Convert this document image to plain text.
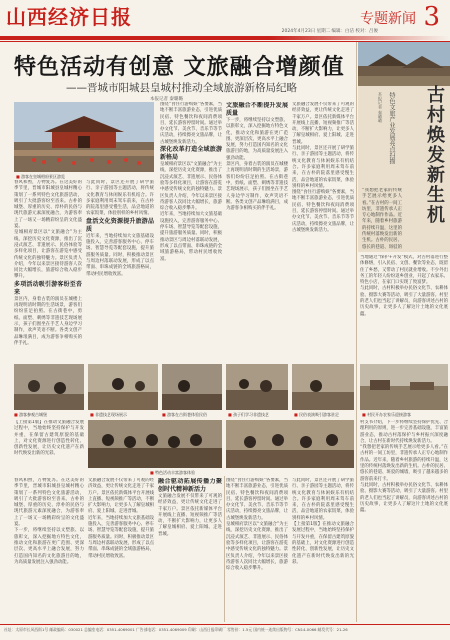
山西经济日报	专题新闻 3
2024年4月23日 星期二 编辑：白洁 校对：吕俊
特色活动有创意 文旅融合增颜值
——晋城市阳城县皇城村推动全域旅游新格局纪略
本报记者 秦璐璐
■ 游客在皇城相府景区游览
春风和煦，万物复苏。在这美好的季节里，晋城市阳城县皇城村精心策划了一系列特色文化旅游活动，吸引了大批游客纷至沓来。古朴的城堡、厚重的历史、淳朴的民俗与现代旅游元素深度融合，为游客奉上了一场又一场精彩纷呈的文化盛宴。
皇城相府景区以“文旅融合”为主线，深挖历史文化资源，推出了沉浸式演艺、非遗展示、民俗体验等多样化项目，让游客在游览中感受传统文化的独特魅力。景区负责人介绍，今年以来景区接待游客人次同比大幅增长，旅游综合收入稳步攀升。
多项活动吸引游客纷至沓来
景区内，身着古装的演员在城楼上再现明清时期的生活场景，游客们纷纷驻足拍照。在古街巷中，剪纸、面塑、刺绣等非遗技艺现场展示，孩子们围坐在手艺人身边学习制作，欢声笑语不断。各类文创产品琳琅满目，成为游客争相购买的伴手礼。
与此同时，景区还开展了研学旅行、亲子游园等主题活动，将传统文化教育与休闲娱乐有机结合。许多家庭利用周末驾车前来，在古朴的院落里感受慢生活，品尝地道的农家饭菜，体验别样的乡村风情。
盘活文化资源提升旅游品质
近年来，当地持续加大文旅基础设施投入，完善游客服务中心、停车场、智慧导览等配套设施，提升旅游服务质量。同时，积极推动景区与周边村落联动发展，形成了以点带面、串珠成链的全域旅游格局，带动村民增收致富。
围绕“食住行游购娱”各要素，当地不断丰富旅游业态，引进优质民宿、特色餐饮和夜间消费项目，延长游客停留时间。通过举办文化节、美食节、音乐节等节庆活动，持续擦亮文旅品牌，让古城堡焕发新活力。
深化改革打造全域旅游新格局
皇城相府景区以“文旅融合”为主线，深挖历史文化资源，推出了沉浸式演艺、非遗展示、民俗体验等多样化项目，让游客在游览中感受传统文化的独特魅力。景区负责人介绍，今年以来景区接待游客人次同比大幅增长，旅游综合收入稳步攀升。
近年来，当地持续加大文旅基础设施投入，完善游客服务中心、停车场、智慧导览等配套设施，提升旅游服务质量。同时，积极推动景区与周边村落联动发展，形成了以点带面、串珠成链的全域旅游格局，带动村民增收致富。
文旅融合不断提升发展质量
下一步，将继续坚持以文塑旅、以旅彰文，深入挖掘地方特色文化，推动文化和旅游在更广范围、更深层次、更高水平上融合发展，努力打造国内知名的文化旅游目的地，为高质量发展注入强劲动能。
景区内，身着古装的演员在城楼上再现明清时期的生活场景，游客们纷纷驻足拍照。在古街巷中，剪纸、面塑、刺绣等非遗技艺现场展示，孩子们围坐在手艺人身边学习制作，欢声笑语不断。各类文创产品琳琅满目，成为游客争相购买的伴手礼。
文旅融合发展不仅带来了可观的经济效益，更让传统文化走进了千家万户。景区依托新媒体平台开展线上直播、短视频推广等活动，不断扩大影响力，让更多人了解皇城相府、爱上阳城、走进晋城。
与此同时，景区还开展了研学旅行、亲子游园等主题活动，将传统文化教育与休闲娱乐有机结合。许多家庭利用周末驾车前来，在古朴的院落里感受慢生活，品尝地道的农家饭菜，体验别样的乡村风情。
围绕“食住行游购娱”各要素，当地不断丰富旅游业态，引进优质民宿、特色餐饮和夜间消费项目，延长游客停留时间。通过举办文化节、美食节、音乐节等节庆活动，持续擦亮文旅品牌，让古城堡焕发新活力。
古村焕发新生机
特色文旅产业发展亮点扫描
本报记者 秦璐璐
“我想把老家的传统手艺展示给更多人看。”在古村的一间工坊里，非遗传承人正专心地制作作品。近年来，随着乡村旅游的持续升温，这里的传统村落焕发出新的生机。古朴的民居、悠长的巷道、斑驳的
当地通过“保护+开发”模式，对古村落进行整体修缮，引入民宿、文创、餐饮等业态，既留住了乡愁，又带动了村民就业增收。不少外出务工的年轻人纷纷返乡创业，开起了农家乐、特色小店，在家门口实现了致富梦。
与此同时，古村积极举办民俗文化节、农耕体验、摄影大赛等活动，吸引了大量游客。村里的老人们也当起了讲解员，向游客讲述古村的历史故事，让更多人了解这片土地的文化底蕴。
■ 游客参观古城堡	■ 非遗技艺现场展示	■ 游客在古街巷体验民俗	■ 孩子们学习非遗技艺	■ 民俗表演吸引游客驻足	■ 村民开办农家乐迎接游客
【上接第1版】在推动文旅融合发展过程中，当地始终坚持保护与开发并重，在保留古建筑原貌的基础上，对文化资源进行创造性转化、创新性发展，让历史文化遗产在新时代焕发出新的光彩。
■ 特色活动丰富游客体验
村支书介绍，下一步将继续坚持保护优先、合理利用的原则，进一步完善基础设施，丰富旅游业态，推动古村落保护与乡村振兴深度融合，让古村在新时代持续焕发新活力。
“我想把老家的传统手艺展示给更多人看。”在古村的一间工坊里，非遗传承人正专心地制作作品。近年来，随着乡村旅游的持续升温，这里的传统村落焕发出新的生机。古朴的民居、悠长的巷道、斑驳的城墙，吸引了越来越多的游客前来打卡。
与此同时，古村积极举办民俗文化节、农耕体验、摄影大赛等活动，吸引了大量游客。村里的老人们也当起了讲解员，向游客讲述古村的历史故事，让更多人了解这片土地的文化底蕴。
春风和煦，万物复苏。在这美好的季节里，晋城市阳城县皇城村精心策划了一系列特色文化旅游活动，吸引了大批游客纷至沓来。古朴的城堡、厚重的历史、淳朴的民俗与现代旅游元素深度融合，为游客奉上了一场又一场精彩纷呈的文化盛宴。
下一步，将继续坚持以文塑旅、以旅彰文，深入挖掘地方特色文化，推动文化和旅游在更广范围、更深层次、更高水平上融合发展，努力打造国内知名的文化旅游目的地，为高质量发展注入强劲动能。
文旅融合发展不仅带来了可观的经济效益，更让传统文化走进了千家万户。景区依托新媒体平台开展线上直播、短视频推广等活动，不断扩大影响力，让更多人了解皇城相府、爱上阳城、走进晋城。
近年来，当地持续加大文旅基础设施投入，完善游客服务中心、停车场、智慧导览等配套设施，提升旅游服务质量。同时，积极推动景区与周边村落联动发展，形成了以点带面、串珠成链的全域旅游格局，带动村民增收致富。
融合驱动拓展传播力聚创时代精神新活力
文旅融合发展不仅带来了可观的经济效益，更让传统文化走进了千家万户。景区依托新媒体平台开展线上直播、短视频推广等活动，不断扩大影响力，让更多人了解皇城相府、爱上阳城、走进晋城。
围绕“食住行游购娱”各要素，当地不断丰富旅游业态，引进优质民宿、特色餐饮和夜间消费项目，延长游客停留时间。通过举办文化节、美食节、音乐节等节庆活动，持续擦亮文旅品牌，让古城堡焕发新活力。
皇城相府景区以“文旅融合”为主线，深挖历史文化资源，推出了沉浸式演艺、非遗展示、民俗体验等多样化项目，让游客在游览中感受传统文化的独特魅力。景区负责人介绍，今年以来景区接待游客人次同比大幅增长，旅游综合收入稳步攀升。
与此同时，景区还开展了研学旅行、亲子游园等主题活动，将传统文化教育与休闲娱乐有机结合。许多家庭利用周末驾车前来，在古朴的院落里感受慢生活，品尝地道的农家饭菜，体验别样的乡村风情。
【上接第1版】在推动文旅融合发展过程中，当地始终坚持保护与开发并重，在保留古建筑原貌的基础上，对文化资源进行创造性转化、创新性发展，让历史文化遗产在新时代焕发出新的光彩。
社址：太原市长风西街1号 邮政编码：030021 总编室电话：0351-4069001 广告部电话：0351-4069009 印刷：山西日报印刷厂 零售价：1.5元 国内统一连续出版物号：CN14-0066 邮发代号：21-26
